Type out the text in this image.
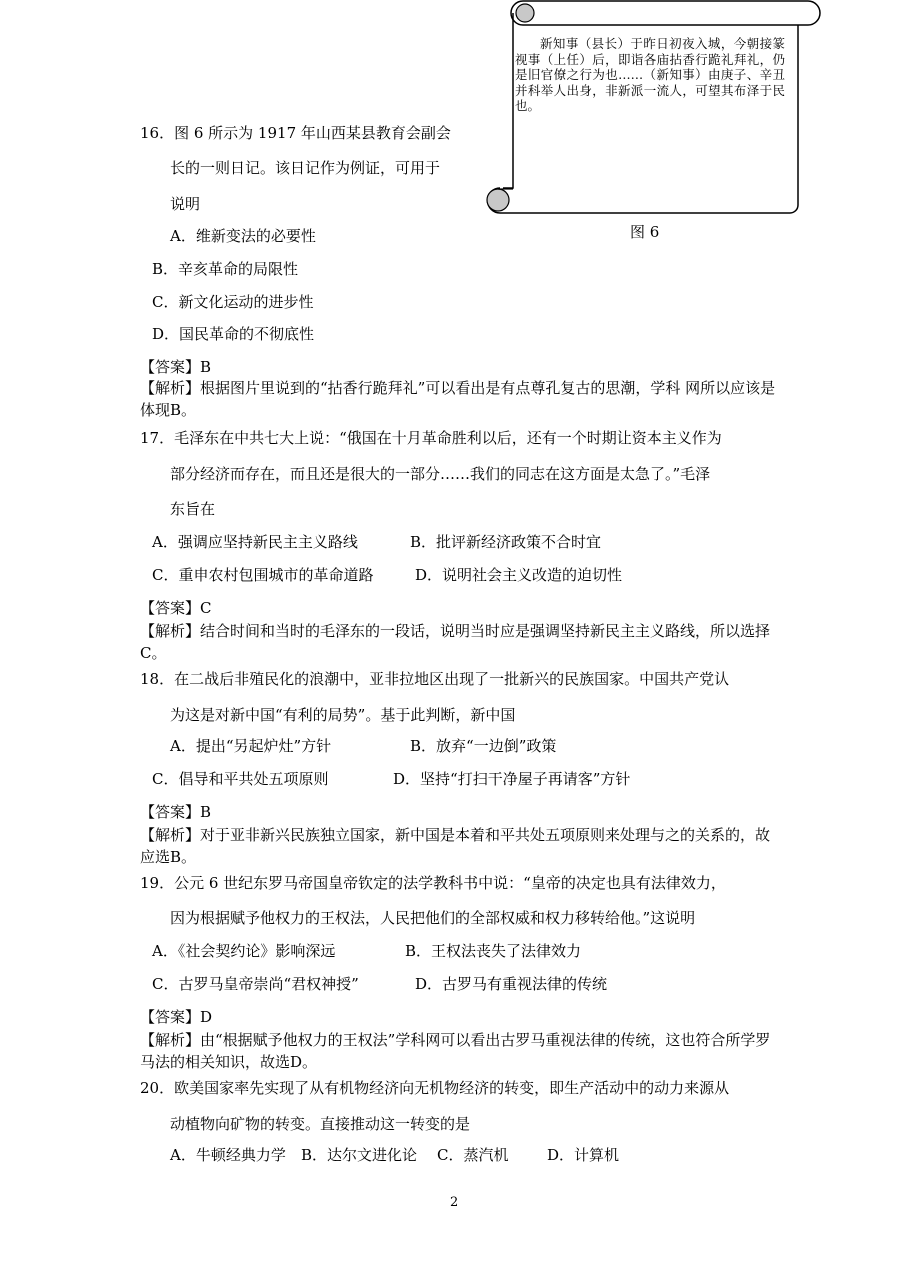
新知事（县长）于昨日初夜入城，今朝接篆视事（上任）后，即诣各庙拈香行跪礼拜礼，仍是旧官僚之行为也……（新知事）由庚子、辛丑并科举人出身，非新派一流人，可望其布泽于民也。
图 6
16．图 6 所示为 1917 年山西某县教育会副会
长的一则日记。该日记作为例证，可用于
说明
A．维新变法的必要性
B．辛亥革命的局限性
C．新文化运动的进步性
D．国民革命的不彻底性
【答案】B
【解析】根据图片里说到的“拈香行跪拜礼”可以看出是有点尊孔复古的思潮，学科 网所以应该是体现B。
17．毛泽东在中共七大上说：“俄国在十月革命胜利以后，还有一个时期让资本主义作为
部分经济而存在，而且还是很大的一部分……我们的同志在这方面是太急了。”毛泽
东旨在
A．强调应坚持新民主主义路线	B．批评新经济政策不合时宜
C．重申农村包围城市的革命道路	D．说明社会主义改造的迫切性
【答案】C
【解析】结合时间和当时的毛泽东的一段话，说明当时应是强调坚持新民主主义路线，所以选择C。
18．在二战后非殖民化的浪潮中，亚非拉地区出现了一批新兴的民族国家。中国共产党认
为这是对新中国“有利的局势”。基于此判断，新中国
A．提出“另起炉灶”方针	B．放弃“一边倒”政策
C．倡导和平共处五项原则	D．坚持“打扫干净屋子再请客”方针
【答案】B
【解析】对于亚非新兴民族独立国家，新中国是本着和平共处五项原则来处理与之的关系的，故应选B。
19．公元 6 世纪东罗马帝国皇帝钦定的法学教科书中说：“皇帝的决定也具有法律效力，
因为根据赋予他权力的王权法，人民把他们的全部权威和权力移转给他。”这说明
A．《社会契约论》影响深远	B．王权法丧失了法律效力
C．古罗马皇帝崇尚“君权神授”	D．古罗马有重视法律的传统
【答案】D
【解析】由“根据赋予他权力的王权法”学科网可以看出古罗马重视法律的传统，这也符合所学罗马法的相关知识，故选D。
20．欧美国家率先实现了从有机物经济向无机物经济的转变，即生产活动中的动力来源从
动植物向矿物的转变。直接推动这一转变的是
A．牛顿经典力学 B．达尔文进化论 C．蒸汽机	D．计算机
2
